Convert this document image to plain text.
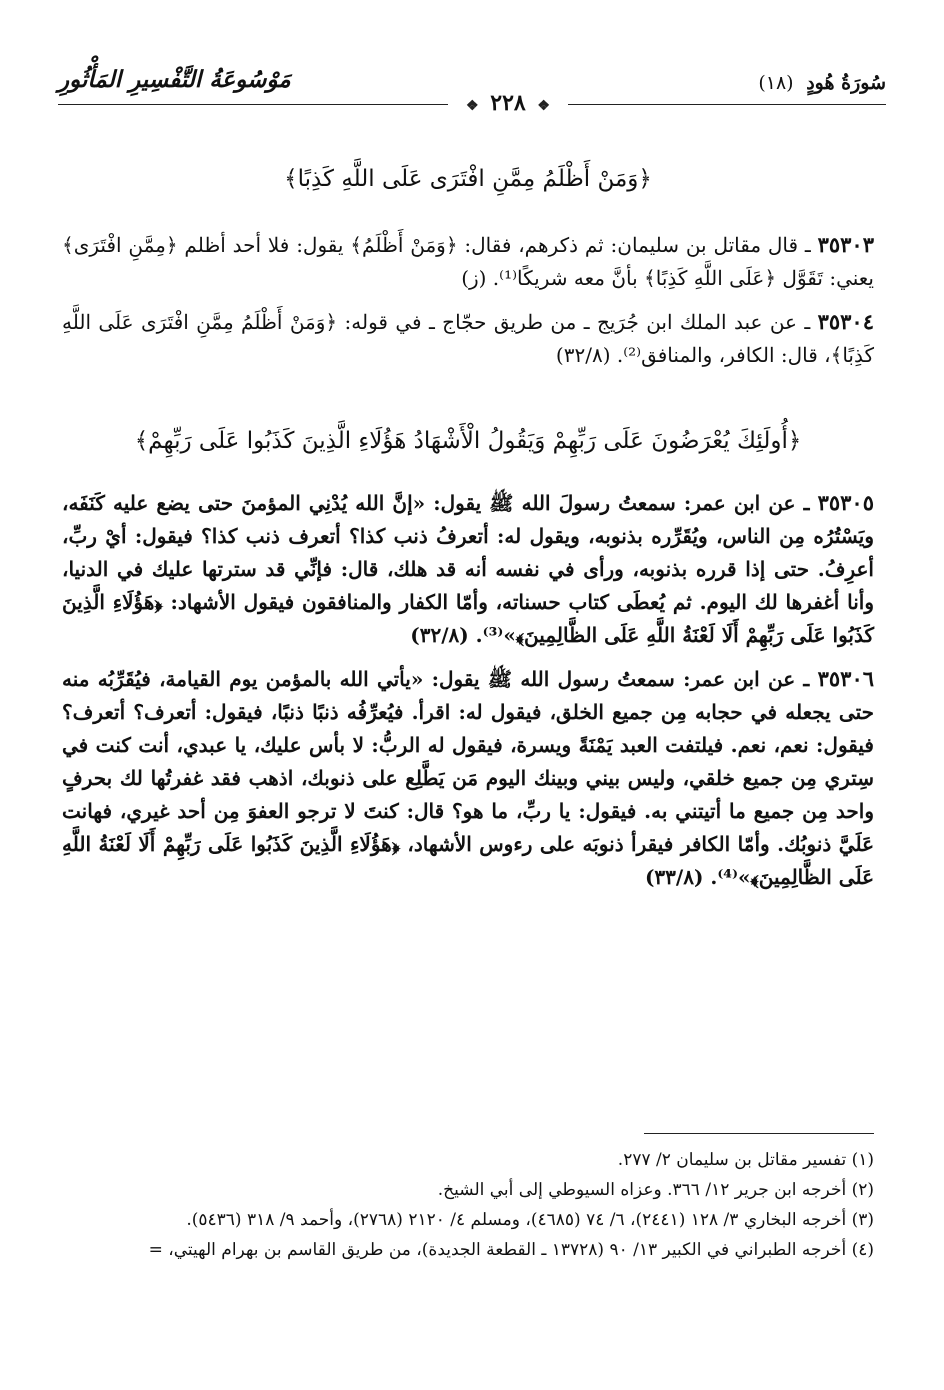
سُورَةُ هُودٍ (١٨)
مَوْسُوعَةُ التَّفْسِيرِ المَأْثُورِ
❖ ٢٢٨ ❖

﴿وَمَنْ أَظْلَمُ مِمَّنِ افْتَرَى عَلَى اللَّهِ كَذِبًا﴾

٣٥٣٠٣ ـ قال مقاتل بن سليمان: ثم ذكرهم، فقال: ﴿وَمَنْ أَظْلَمُ﴾ يقول: فلا أحد أظلم ﴿مِمَّنِ افْتَرَى﴾ يعني: تَقَوَّل ﴿عَلَى اللَّهِ كَذِبًا﴾ بأنَّ معه شريكًا⁽¹⁾. (ز)

٣٥٣٠٤ ـ عن عبد الملك ابن جُرَيج ـ من طريق حجّاج ـ في قوله: ﴿وَمَنْ أَظْلَمُ مِمَّنِ افْتَرَى عَلَى اللَّهِ كَذِبًا﴾، قال: الكافر، والمنافق⁽²⁾. (٣٢/٨)

﴿أُولَئِكَ يُعْرَضُونَ عَلَى رَبِّهِمْ وَيَقُولُ الْأَشْهَادُ هَؤُلَاءِ الَّذِينَ كَذَبُوا عَلَى رَبِّهِمْ﴾

٣٥٣٠٥ ـ عن ابن عمر: سمعتُ رسولَ الله ﷺ يقول: «إنَّ الله يُدْنِي المؤمنَ حتى يضع عليه كَنَفَه، ويَسْتُرُه مِن الناس، ويُقَرِّره بذنوبه، ويقول له: أتعرفُ ذنب كذا؟ أتعرف ذنب كذا؟ فيقول: أيْ ربِّ، أعرِفُ. حتى إذا قرره بذنوبه، ورأى في نفسه أنه قد هلك، قال: فإنِّي قد سترتها عليك في الدنيا، وأنا أغفرها لك اليوم. ثم يُعطَى كتاب حسناته، وأمّا الكفار والمنافقون فيقول الأشهاد: ﴿هَؤُلَاءِ الَّذِينَ كَذَبُوا عَلَى رَبِّهِمْ أَلَا لَعْنَةُ اللَّهِ عَلَى الظَّالِمِينَ﴾»⁽³⁾. (٣٢/٨)

٣٥٣٠٦ ـ عن ابن عمر: سمعتُ رسول الله ﷺ يقول: «يأتي الله بالمؤمن يوم القيامة، فيُقَرِّبُه منه حتى يجعله في حجابه مِن جميع الخلق، فيقول له: اقرأ. فيُعرِّفُه ذنبًا ذنبًا، فيقول: أتعرف؟ أتعرف؟ فيقول: نعم، نعم. فيلتفت العبد يَمْنَةً ويسرة، فيقول له الربُّ: لا بأس عليك، يا عبدي، أنت كنت في سِتري مِن جميع خلقي، وليس بيني وبينك اليوم مَن يَطَّلِع على ذنوبك، اذهب فقد غفرتُها لك بحرفٍ واحد مِن جميع ما أتيتني به. فيقول: يا ربِّ، ما هو؟ قال: كنتَ لا ترجو العفوَ مِن أحد غيري، فهانت عَلَيَّ ذنوبُك. وأمّا الكافر فيقرأ ذنوبَه على رءوس الأشهاد، ﴿هَؤُلَاءِ الَّذِينَ كَذَبُوا عَلَى رَبِّهِمْ أَلَا لَعْنَةُ اللَّهِ عَلَى الظَّالِمِينَ﴾»⁽⁴⁾. (٣٣/٨)

(١) تفسير مقاتل بن سليمان ٢/ ٢٧٧.

(٢) أخرجه ابن جرير ١٢/ ٣٦٦. وعزاه السيوطي إلى أبي الشيخ.

(٣) أخرجه البخاري ٣/ ١٢٨ (٢٤٤١)، ٦/ ٧٤ (٤٦٨٥)، ومسلم ٤/ ٢١٢٠ (٢٧٦٨)، وأحمد ٩/ ٣١٨ (٥٤٣٦).

(٤) أخرجه الطبراني في الكبير ١٣/ ٩٠ (١٣٧٢٨ ـ القطعة الجديدة)، من طريق القاسم بن بهرام الهيتي، =
